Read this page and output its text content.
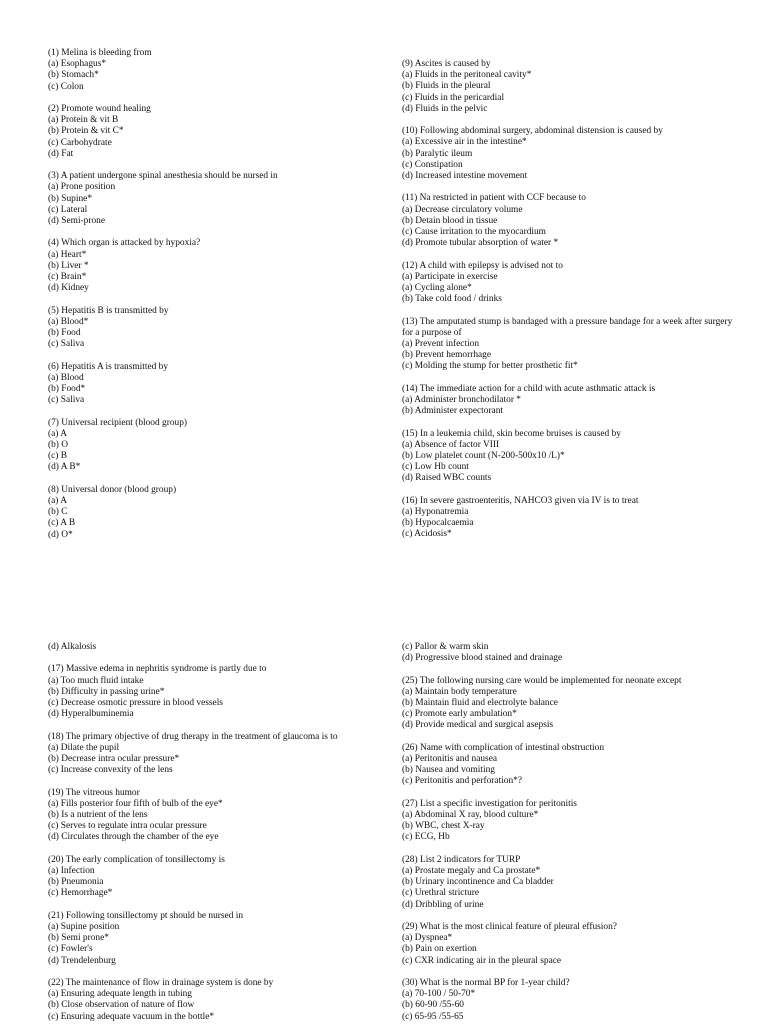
(1) Melina is bleeding from
(a) Esophagus*
(b) Stomach*
(c) Colon
(2) Promote wound healing
(a) Protein & vit B
(b) Protein & vit C*
(c) Carbohydrate
(d) Fat
(3) A patient undergone spinal anesthesia should be nursed in
(a) Prone position
(b) Supine*
(c) Lateral
(d) Semi-prone
(4) Which organ is attacked by hypoxia?
(a) Heart*
(b) Liver *
(c) Brain*
(d) Kidney
(5) Hepatitis B is transmitted by
(a) Blood*
(b) Food
(c) Saliva
(6) Hepatitis A is transmitted by
(a) Blood
(b) Food*
(c) Saliva
(7) Universal recipient (blood group)
(a) A
(b) O
(c) B
(d) A B*
(8) Universal donor (blood group)
(a) A
(b) C
(c) A B
(d) O*
(9) Ascites is caused by
(a) Fluids in the peritoneal cavity*
(b) Fluids in the pleural
(c) Fluids in the pericardial
(d) Fluids in the pelvic
(10) Following abdominal surgery, abdominal distension is caused by
(a) Excessive air in the intestine*
(b) Paralytic ileum
(c) Constipation
(d) Increased intestine movement
(11) Na restricted in patient with CCF because to
(a) Decrease circulatory volume
(b) Detain blood in tissue
(c) Cause irritation to the myocardium
(d) Promote tubular absorption of water *
(12) A child with epilepsy is advised not to
(a) Participate in exercise
(a) Cycling alone*
(b) Take cold food / drinks
(13) The amputated stump is bandaged with a pressure bandage for a week after surgery for a purpose of
(a) Prevent infection
(b) Prevent hemorrhage
(c) Molding the stump for better prosthetic fit*
(14) The immediate action for a child with acute asthmatic attack is
(a) Administer bronchodilator *
(b) Administer expectorant
(15) In a leukemia child, skin become bruises is caused by
(a) Absence of factor VIII
(b) Low platelet count (N-200-500x10 /L)*
(c) Low Hb count
(d) Raised WBC counts
(16) In severe gastroenteritis, NAHCO3 given via IV is to treat
(a) Hyponatremia
(b) Hypocalcaemia
(c) Acidosis*
(d) Alkalosis
(17) Massive edema in nephritis syndrome is partly due to
(a) Too much fluid intake
(b) Difficulty in passing urine*
(c) Decrease osmotic pressure in blood vessels
(d) Hyperalbuminemia
(18) The primary objective of drug therapy in the treatment of glaucoma is to
(a) Dilate the pupil
(b) Decrease intra ocular pressure*
(c) Increase convexity of the lens
(19) The vitreous humor
(a) Fills posterior four fifth of bulb of the eye*
(b) Is a nutrient of the lens
(c) Serves to regulate intra ocular pressure
(d) Circulates through the chamber of the eye
(20) The early complication of tonsillectomy is
(a) Infection
(b) Pneumonia
(c) Hemorrhage*
(21) Following tonsillectomy pt should be nursed in
(a) Supine position
(b) Semi prone*
(c) Fowler's
(d) Trendelenburg
(22) The maintenance of flow in drainage system is done by
(a) Ensuring adequate length in tubing
(b) Close observation of nature of flow
(c) Ensuring adequate vacuum in the bottle*
(c) Pallor & warm skin
(d) Progressive blood stained and drainage
(25) The following nursing care would be implemented for neonate except
(a) Maintain body temperature
(b) Maintain fluid and electrolyte balance
(c) Promote early ambulation*
(d) Provide medical and surgical asepsis
(26) Name with complication of intestinal obstruction
(a) Peritonitis and nausea
(b) Nausea and vomiting
(c) Peritonitis and perforation*?
(27) List a specific investigation for peritonitis
(a) Abdominal X ray, blood culture*
(b) WBC, chest X-ray
(c) ECG, Hb
(28) List 2 indicators for TURP
(a) Prostate megaly and Ca prostate*
(b) Urinary incontinence and Ca bladder
(c) Urethral stricture
(d) Dribbling of urine
(29) What is the most clinical feature of pleural effusion?
(a) Dyspnea*
(b) Pain on exertion
(c) CXR indicating air in the pleural space
(30) What is the normal BP for 1-year child?
(a) 70-100 / 50-70*
(b) 60-90 /55-60
(c) 65-95 /55-65
